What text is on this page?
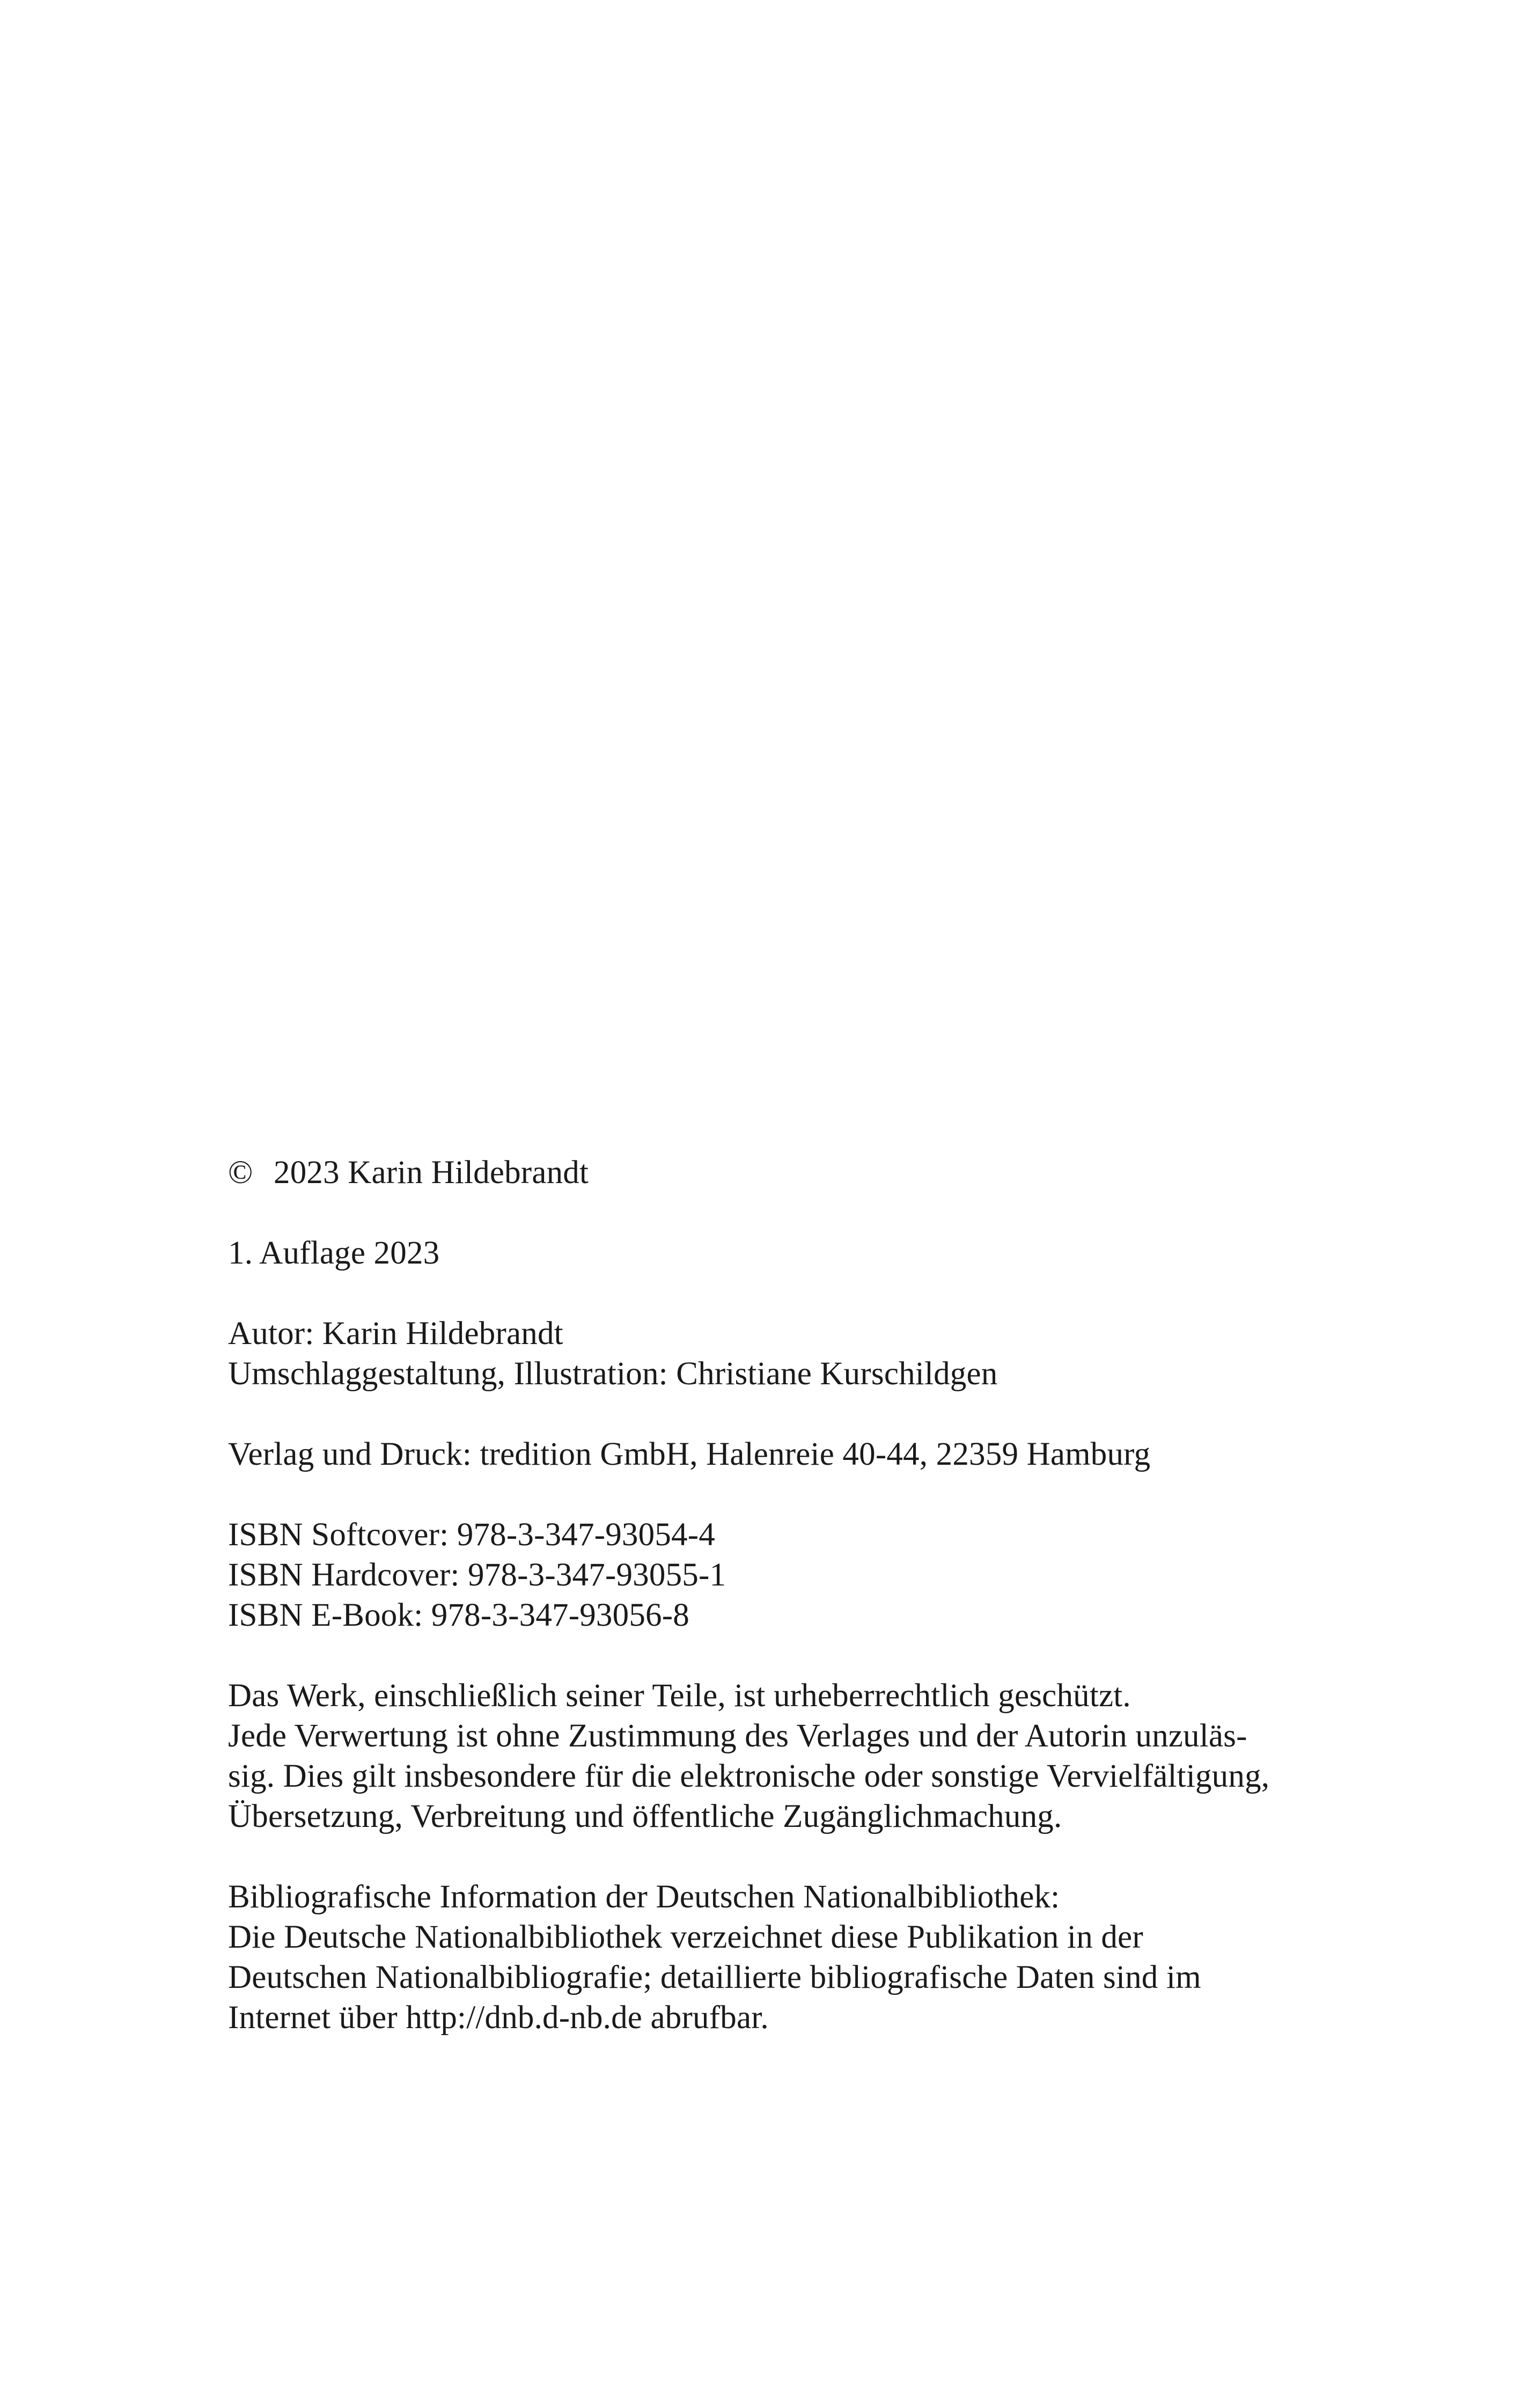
© 2023 Karin Hildebrandt
1. Auflage 2023
Autor: Karin Hildebrandt
Umschlaggestaltung, Illustration: Christiane Kurschildgen
Verlag und Druck: tredition GmbH, Halenreie 40-44, 22359 Hamburg
ISBN Softcover: 978-3-347-93054-4
ISBN Hardcover: 978-3-347-93055-1
ISBN E-Book: 978-3-347-93056-8
Das Werk, einschließlich seiner Teile, ist urheberrechtlich geschützt.
Jede Verwertung ist ohne Zustimmung des Verlages und der Autorin unzuläs-
sig. Dies gilt insbesondere für die elektronische oder sonstige Vervielfältigung,
Übersetzung, Verbreitung und öffentliche Zugänglichmachung.
Bibliografische Information der Deutschen Nationalbibliothek:
Die Deutsche Nationalbibliothek verzeichnet diese Publikation in der
Deutschen Nationalbibliografie; detaillierte bibliografische Daten sind im
Internet über http://dnb.d-nb.de abrufbar.
